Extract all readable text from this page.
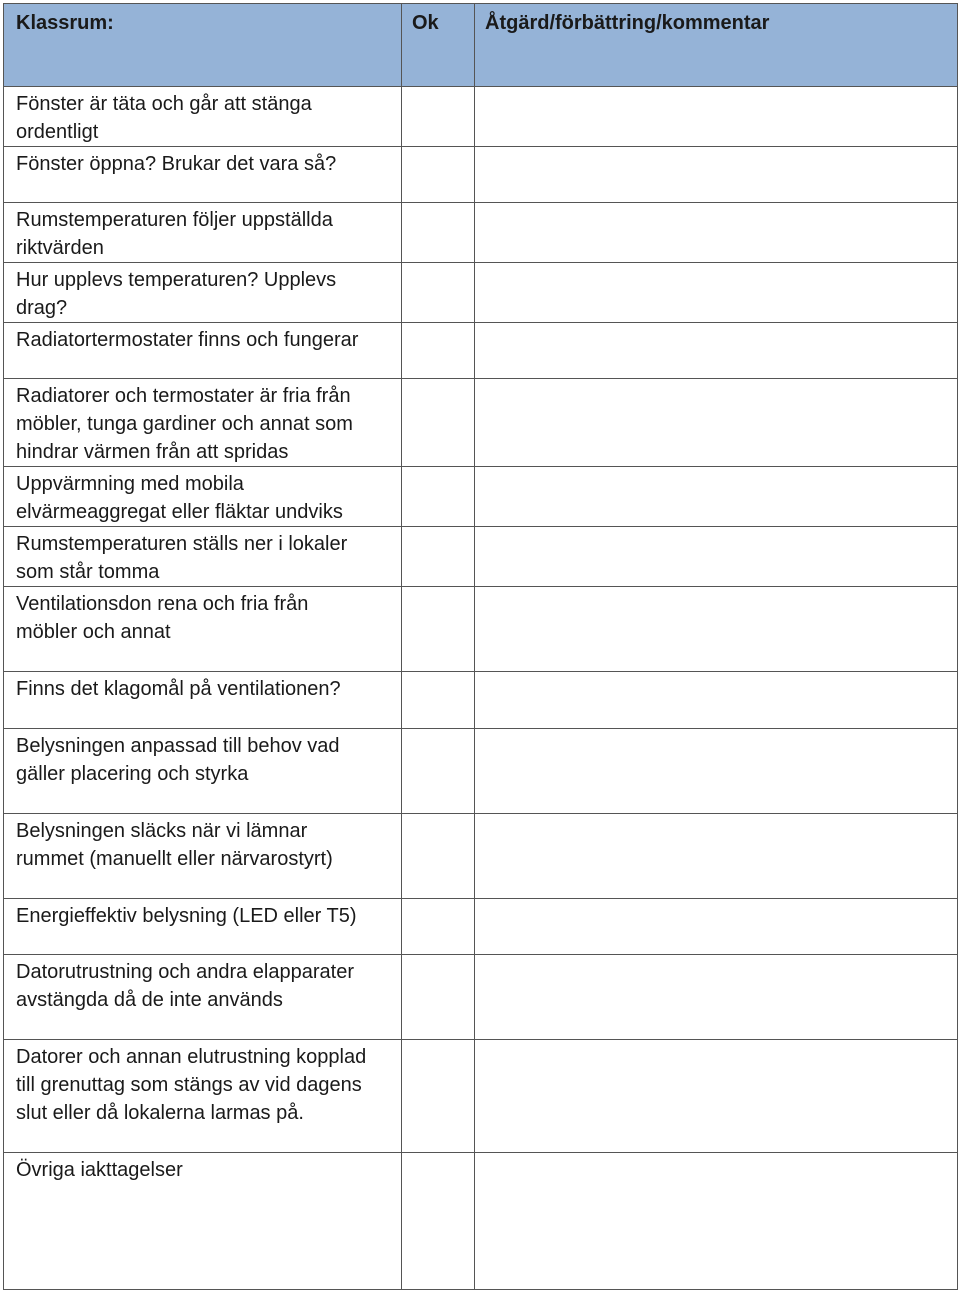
Klassrum:	Ok	Åtgärd/förbättring/kommentar

Fönster är täta och går att stänga
ordentligt		

Fönster öppna? Brukar det vara så?		

Rumstemperaturen följer uppställda
riktvärden		

Hur upplevs temperaturen? Upplevs
drag?		

Radiatortermostater finns och fungerar		

Radiatorer och termostater är fria från
möbler, tunga gardiner och annat som
hindrar värmen från att spridas		

Uppvärmning med mobila
elvärmeaggregat eller fläktar undviks		

Rumstemperaturen ställs ner i lokaler
som står tomma		

Ventilationsdon rena och fria från
möbler och annat		

Finns det klagomål på ventilationen?		

Belysningen anpassad till behov vad
gäller placering och styrka		

Belysningen släcks när vi lämnar
rummet (manuellt eller närvarostyrt)		

Energieffektiv belysning (LED eller T5)		

Datorutrustning och andra elapparater
avstängda då de inte används		

Datorer och annan elutrustning kopplad
till grenuttag som stängs av vid dagens
slut eller då lokalerna larmas på.		

Övriga iakttagelser		
